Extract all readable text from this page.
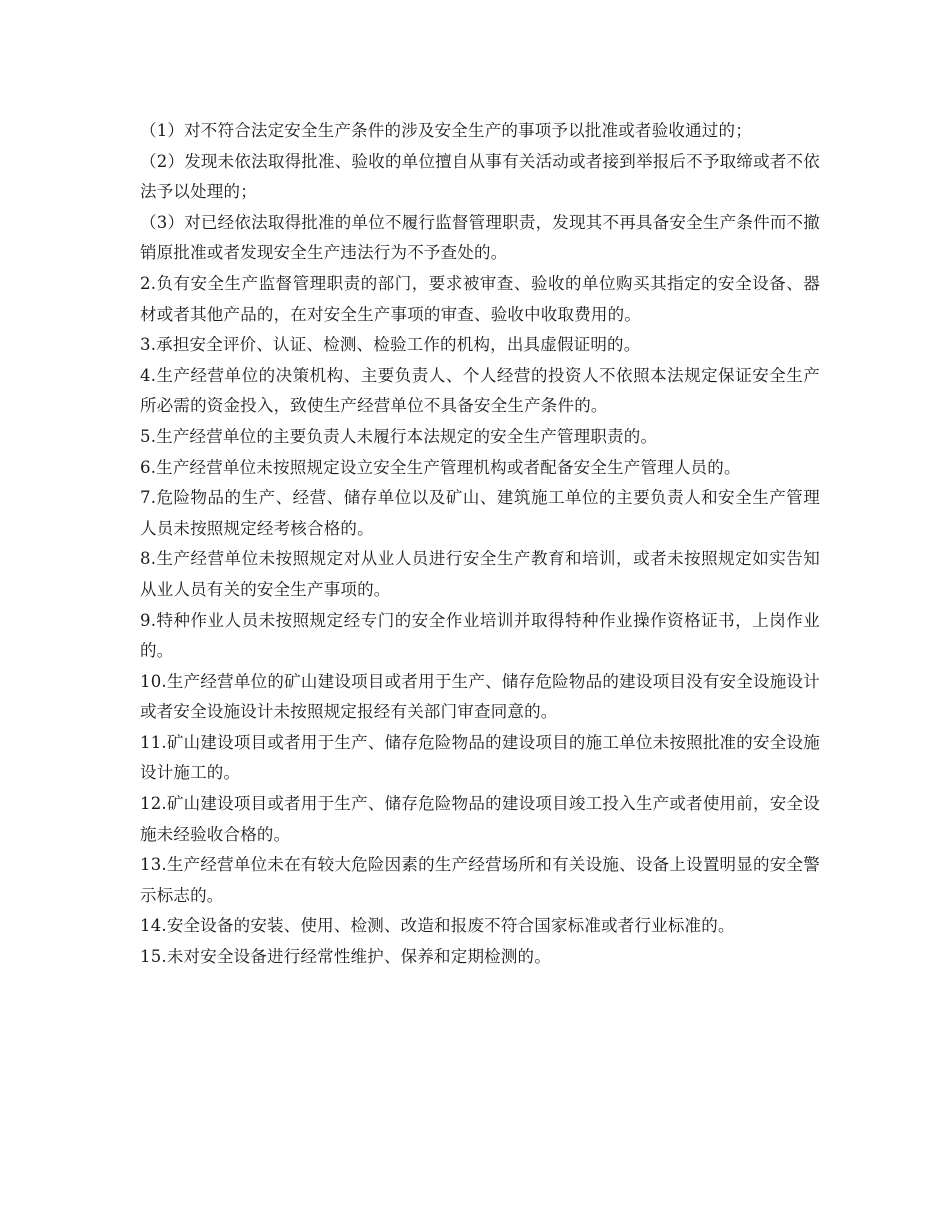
（1）对不符合法定安全生产条件的涉及安全生产的事项予以批准或者验收通过的；

（2）发现未依法取得批准、验收的单位擅自从事有关活动或者接到举报后不予取缔或者不依法予以处理的；

（3）对已经依法取得批准的单位不履行监督管理职责，发现其不再具备安全生产条件而不撤销原批准或者发现安全生产违法行为不予查处的。

2.负有安全生产监督管理职责的部门，要求被审查、验收的单位购买其指定的安全设备、器材或者其他产品的，在对安全生产事项的审查、验收中收取费用的。

3.承担安全评价、认证、检测、检验工作的机构，出具虚假证明的。

4.生产经营单位的决策机构、主要负责人、个人经营的投资人不依照本法规定保证安全生产所必需的资金投入，致使生产经营单位不具备安全生产条件的。

5.生产经营单位的主要负责人未履行本法规定的安全生产管理职责的。

6.生产经营单位未按照规定设立安全生产管理机构或者配备安全生产管理人员的。

7.危险物品的生产、经营、储存单位以及矿山、建筑施工单位的主要负责人和安全生产管理人员未按照规定经考核合格的。

8.生产经营单位未按照规定对从业人员进行安全生产教育和培训，或者未按照规定如实告知从业人员有关的安全生产事项的。

9.特种作业人员未按照规定经专门的安全作业培训并取得特种作业操作资格证书，上岗作业的。

10.生产经营单位的矿山建设项目或者用于生产、储存危险物品的建设项目没有安全设施设计或者安全设施设计未按照规定报经有关部门审查同意的。

11.矿山建设项目或者用于生产、储存危险物品的建设项目的施工单位未按照批准的安全设施设计施工的。

12.矿山建设项目或者用于生产、储存危险物品的建设项目竣工投入生产或者使用前，安全设施未经验收合格的。

13.生产经营单位未在有较大危险因素的生产经营场所和有关设施、设备上设置明显的安全警示标志的。

14.安全设备的安装、使用、检测、改造和报废不符合国家标准或者行业标准的。

15.未对安全设备进行经常性维护、保养和定期检测的。
